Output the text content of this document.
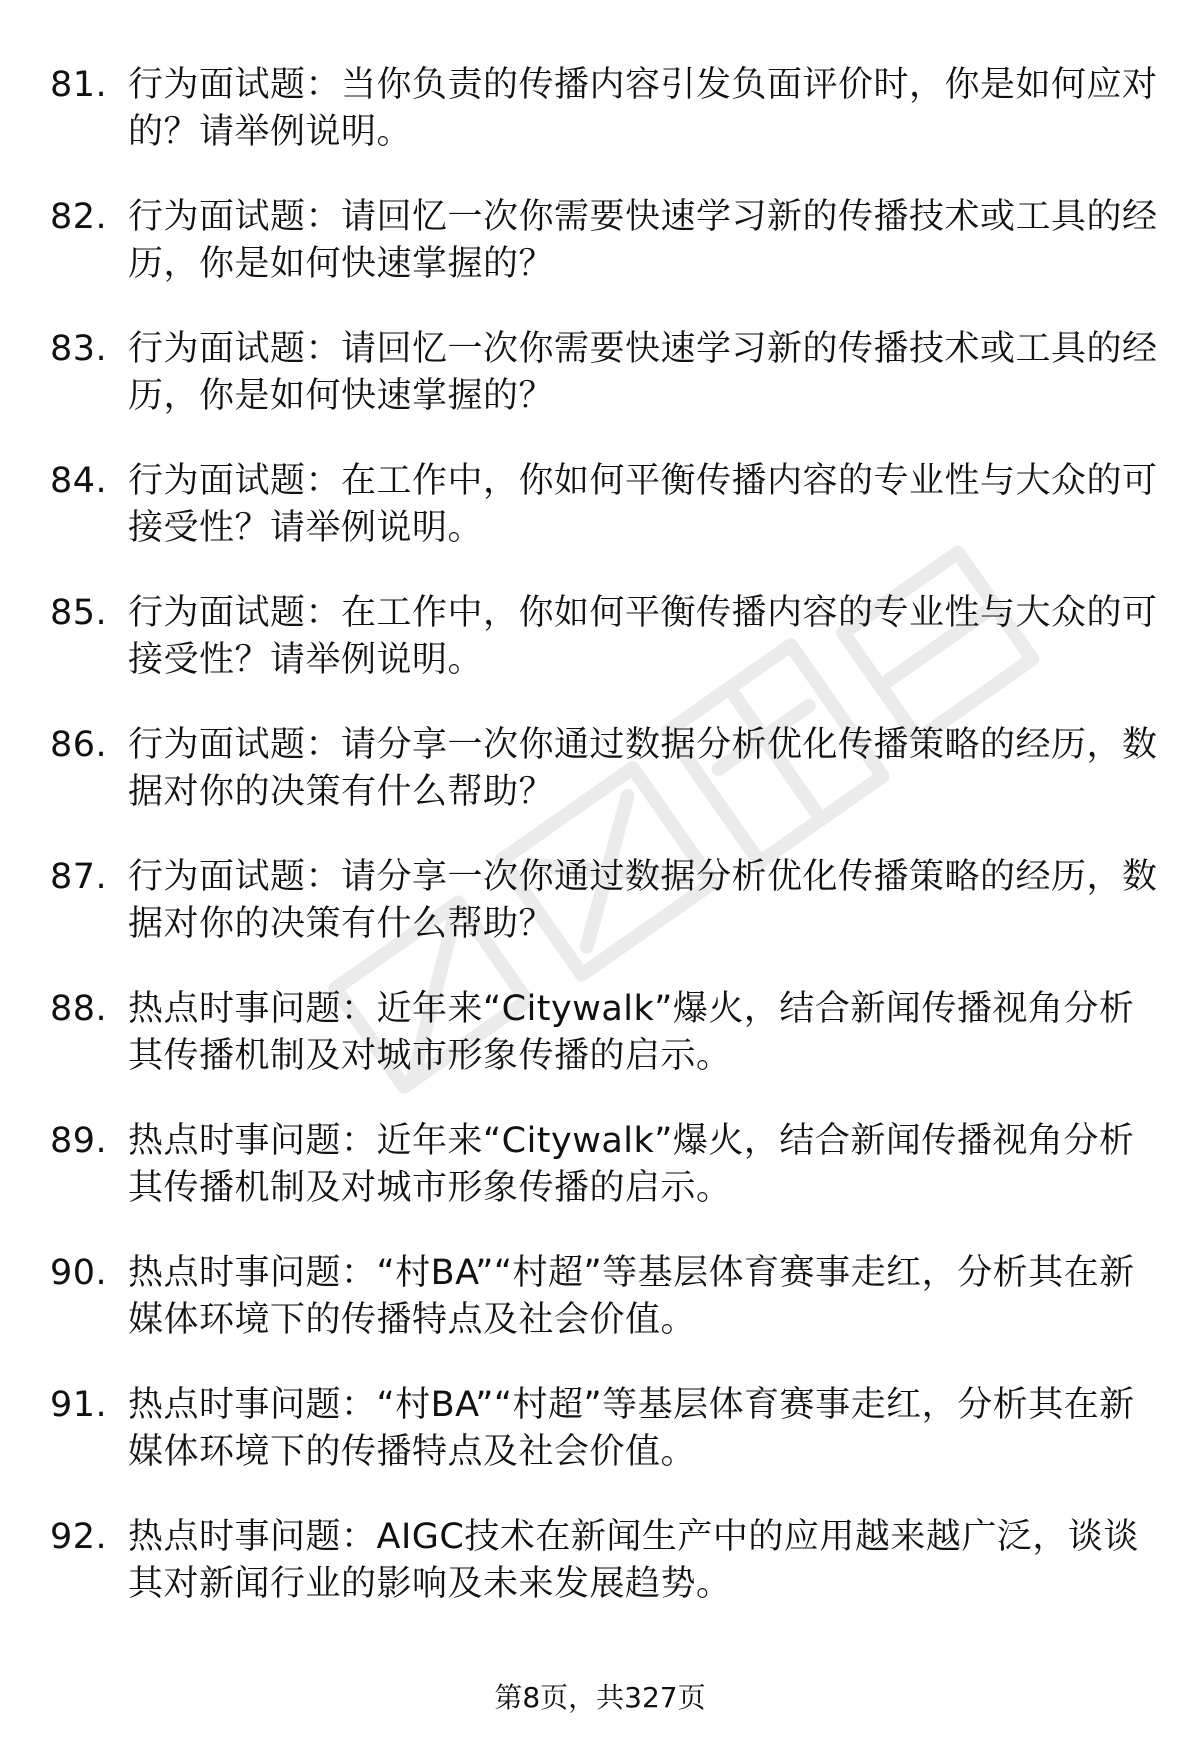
81. 行为面试题：当你负责的传播内容引发负面评价时，你是如何应对的？请举例说明。
82. 行为面试题：请回忆一次你需要快速学习新的传播技术或工具的经历，你是如何快速掌握的？
83. 行为面试题：请回忆一次你需要快速学习新的传播技术或工具的经历，你是如何快速掌握的？
84. 行为面试题：在工作中，你如何平衡传播内容的专业性与大众的可接受性？请举例说明。
85. 行为面试题：在工作中，你如何平衡传播内容的专业性与大众的可接受性？请举例说明。
86. 行为面试题：请分享一次你通过数据分析优化传播策略的经历，数据对你的决策有什么帮助？
87. 行为面试题：请分享一次你通过数据分析优化传播策略的经历，数据对你的决策有什么帮助？
88. 热点时事问题：近年来“Citywalk”爆火，结合新闻传播视角分析其传播机制及对城市形象传播的启示。
89. 热点时事问题：近年来“Citywalk”爆火，结合新闻传播视角分析其传播机制及对城市形象传播的启示。
90. 热点时事问题：“村BA”“村超”等基层体育赛事走红，分析其在新媒体环境下的传播特点及社会价值。
91. 热点时事问题：“村BA”“村超”等基层体育赛事走红，分析其在新媒体环境下的传播特点及社会价值。
92. 热点时事问题：AIGC技术在新闻生产中的应用越来越广泛，谈谈其对新闻行业的影响及未来发展趋势。
第8页，共327页
